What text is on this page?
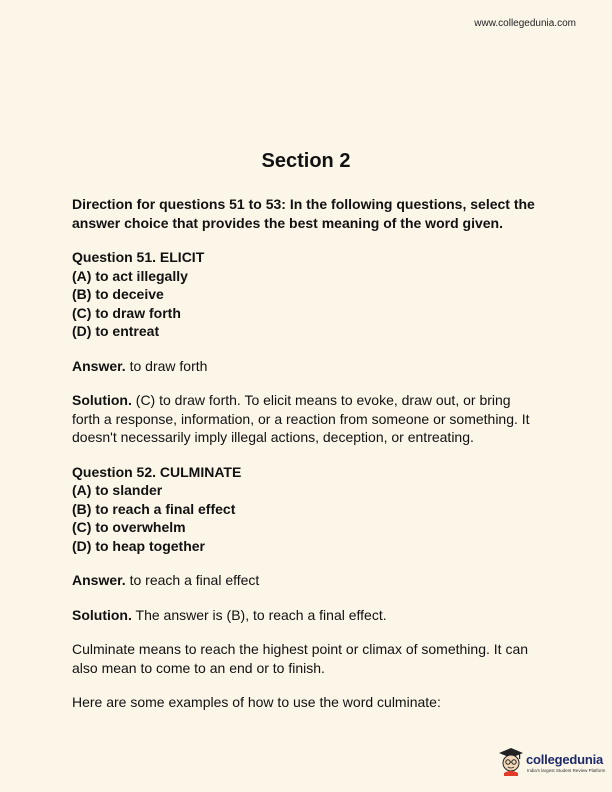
www.collegedunia.com
Section 2
Direction for questions 51 to 53: In the following questions, select the
answer choice that provides the best meaning of the word given.
Question 51. ELICIT
(A) to act illegally
(B) to deceive
(C) to draw forth
(D) to entreat
Answer. to draw forth
Solution. (C) to draw forth. To elicit means to evoke, draw out, or bring
forth a response, information, or a reaction from someone or something. It
doesn't necessarily imply illegal actions, deception, or entreating.
Question 52. CULMINATE
(A) to slander
(B) to reach a final effect
(C) to overwhelm
(D) to heap together
Answer. to reach a final effect
Solution. The answer is (B), to reach a final effect.
Culminate means to reach the highest point or climax of something. It can
also mean to come to an end or to finish.
Here are some examples of how to use the word culminate:
collegedunia
India's largest Student Review Platform
